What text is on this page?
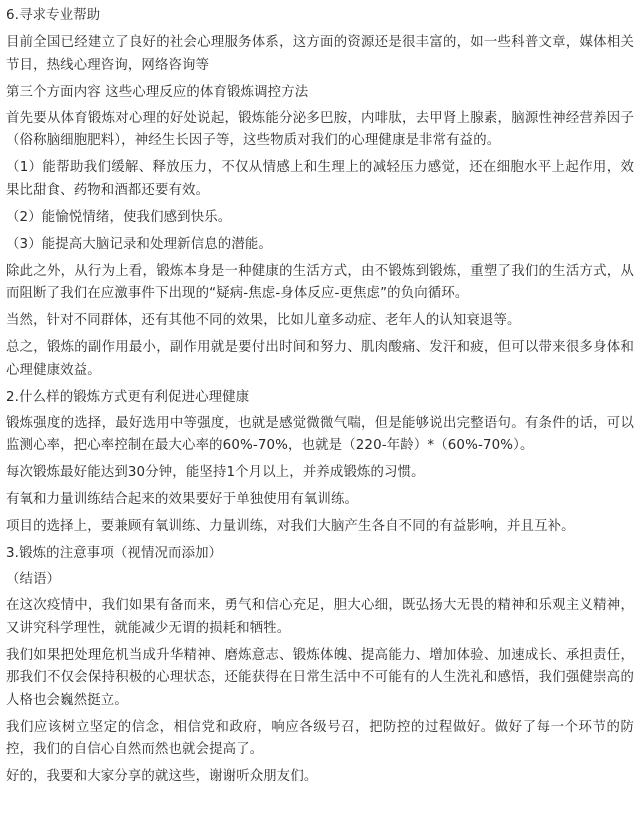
6.寻求专业帮助

目前全国已经建立了良好的社会心理服务体系，这方面的资源还是很丰富的，如一些科普文章，媒体相关节目，热线心理咨询，网络咨询等

第三个方面内容 这些心理反应的体育锻炼调控方法

首先要从体育锻炼对心理的好处说起，锻炼能分泌多巴胺，内啡肽，去甲肾上腺素，脑源性神经营养因子（俗称脑细胞肥料），神经生长因子等，这些物质对我们的心理健康是非常有益的。

（1）能帮助我们缓解、释放压力，不仅从情感上和生理上的减轻压力感觉，还在细胞水平上起作用，效果比甜食、药物和酒都还要有效。

（2）能愉悦情绪，使我们感到快乐。

（3）能提高大脑记录和处理新信息的潜能。

除此之外，从行为上看，锻炼本身是一种健康的生活方式，由不锻炼到锻炼，重塑了我们的生活方式，从而阻断了我们在应激事件下出现的“疑病-焦虑-身体反应-更焦虑”的负向循环。

当然，针对不同群体，还有其他不同的效果，比如儿童多动症、老年人的认知衰退等。

总之，锻炼的副作用最小，副作用就是要付出时间和努力、肌肉酸痛、发汗和疲，但可以带来很多身体和心理健康效益。

2.什么样的锻炼方式更有利促进心理健康

锻炼强度的选择，最好选用中等强度，也就是感觉微微气喘，但是能够说出完整语句。有条件的话，可以监测心率，把心率控制在最大心率的60%-70%，也就是（220-年龄）*（60%-70%）。

每次锻炼最好能达到30分钟，能坚持1个月以上，并养成锻炼的习惯。

有氧和力量训练结合起来的效果要好于单独使用有氧训练。

项目的选择上，要兼顾有氧训练、力量训练，对我们大脑产生各自不同的有益影响，并且互补。

3.锻炼的注意事项（视情况而添加）

（结语）

在这次疫情中，我们如果有备而来，勇气和信心充足，胆大心细，既弘扬大无畏的精神和乐观主义精神，又讲究科学理性，就能减少无谓的损耗和牺牲。

我们如果把处理危机当成升华精神、磨炼意志、锻炼体魄、提高能力、增加体验、加速成长、承担责任，那我们不仅会保持积极的心理状态，还能获得在日常生活中不可能有的人生洗礼和感悟，我们强健崇高的人格也会巍然挺立。

我们应该树立坚定的信念，相信党和政府，响应各级号召，把防控的过程做好。做好了每一个环节的防控，我们的自信心自然而然也就会提高了。

好的，我要和大家分享的就这些，谢谢听众朋友们。
